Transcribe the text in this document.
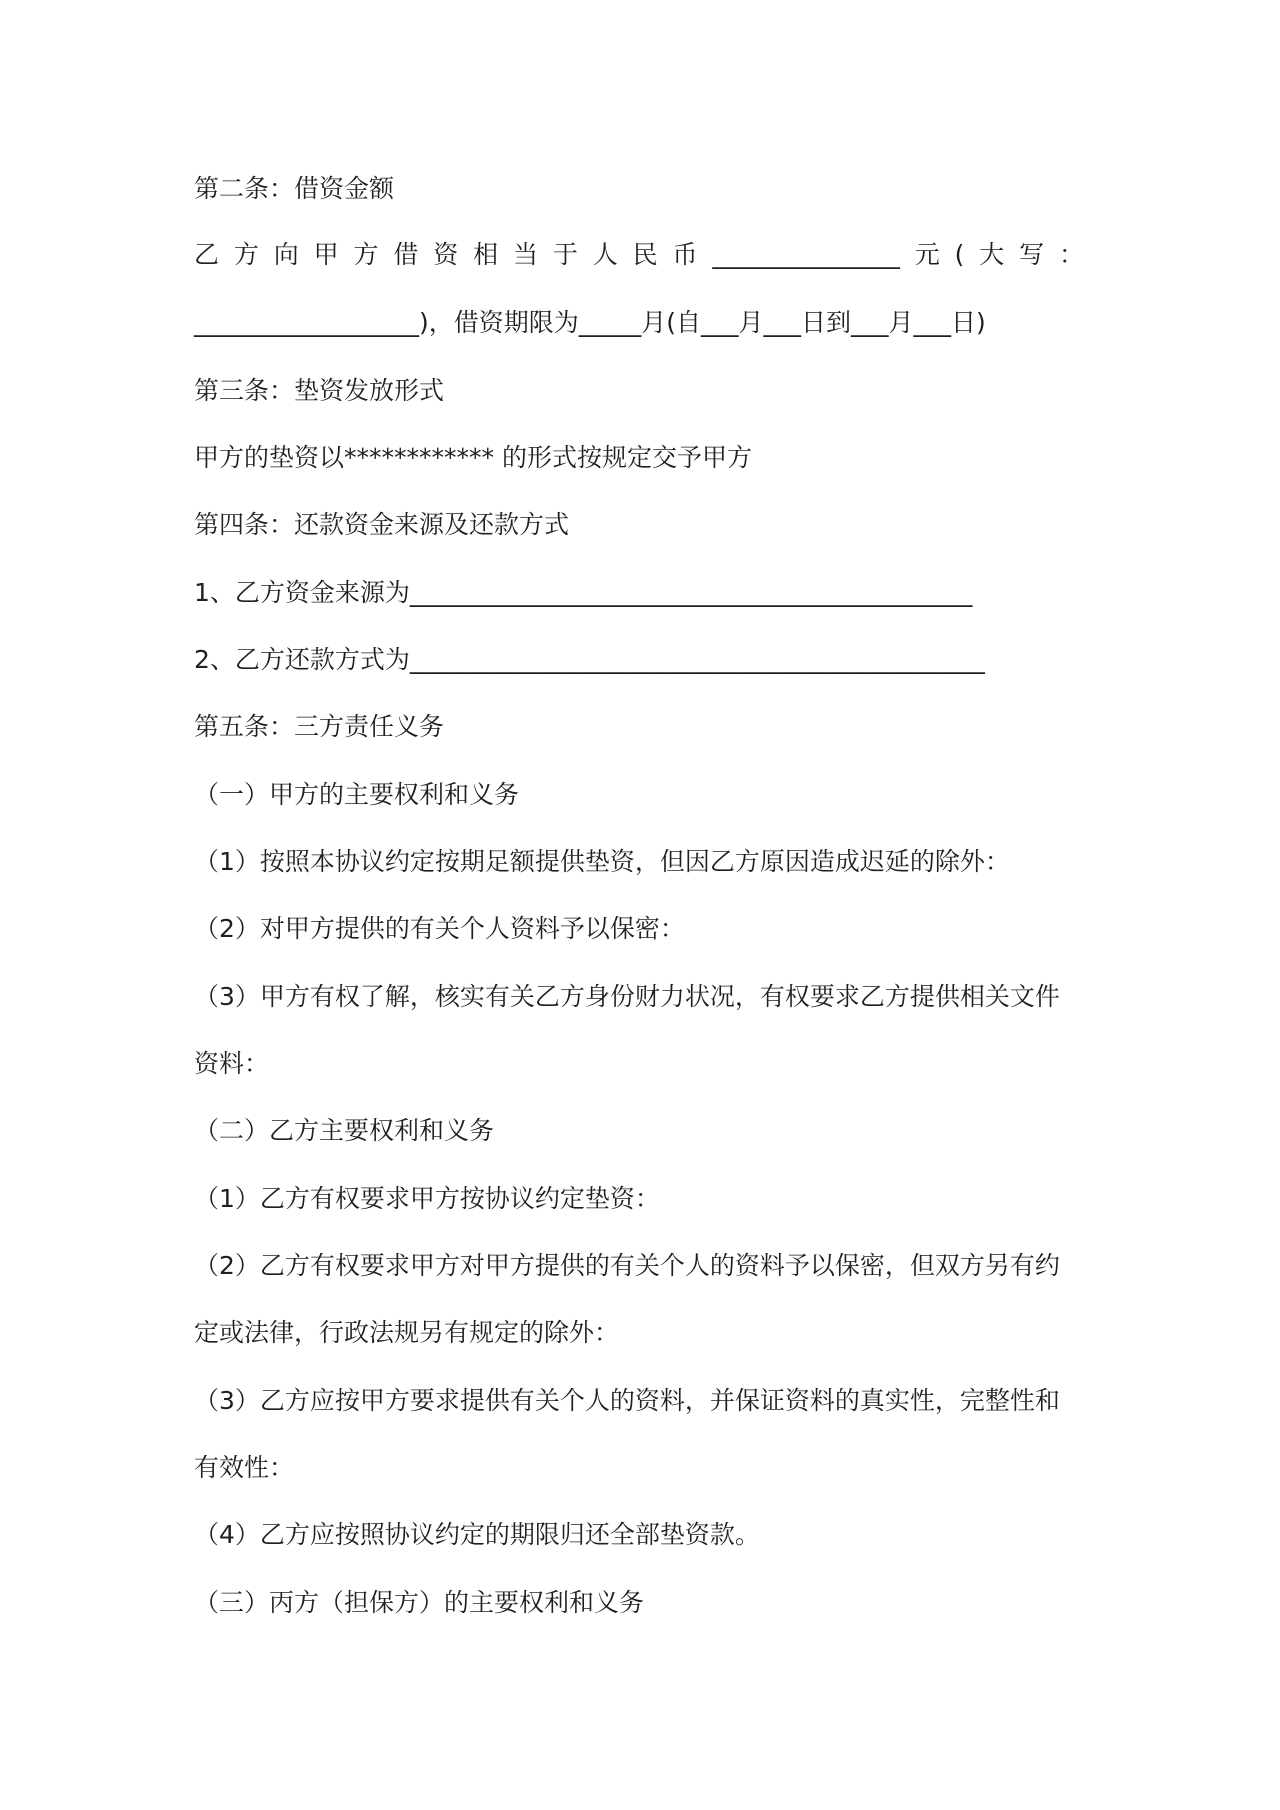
第二条：借资金额

乙 方 向 甲 方 借 资 相 当 于 人 民 币 _______________ 元 ( 大 写 ：

__________________)，借资期限为_____月(自___月___日到___月___日)

第三条：垫资发放形式

甲方的垫资以************ 的形式按规定交予甲方

第四条：还款资金来源及还款方式

1、乙方资金来源为_____________________________________________

2、乙方还款方式为______________________________________________

第五条：三方责任义务

（一）甲方的主要权利和义务

（1）按照本协议约定按期足额提供垫资，但因乙方原因造成迟延的除外：

（2）对甲方提供的有关个人资料予以保密：

（3）甲方有权了解，核实有关乙方身份财力状况，有权要求乙方提供相关文件

资料：

（二）乙方主要权利和义务

（1）乙方有权要求甲方按协议约定垫资：

（2）乙方有权要求甲方对甲方提供的有关个人的资料予以保密，但双方另有约

定或法律，行政法规另有规定的除外：

（3）乙方应按甲方要求提供有关个人的资料，并保证资料的真实性，完整性和

有效性：

（4）乙方应按照协议约定的期限归还全部垫资款。

（三）丙方（担保方）的主要权利和义务
